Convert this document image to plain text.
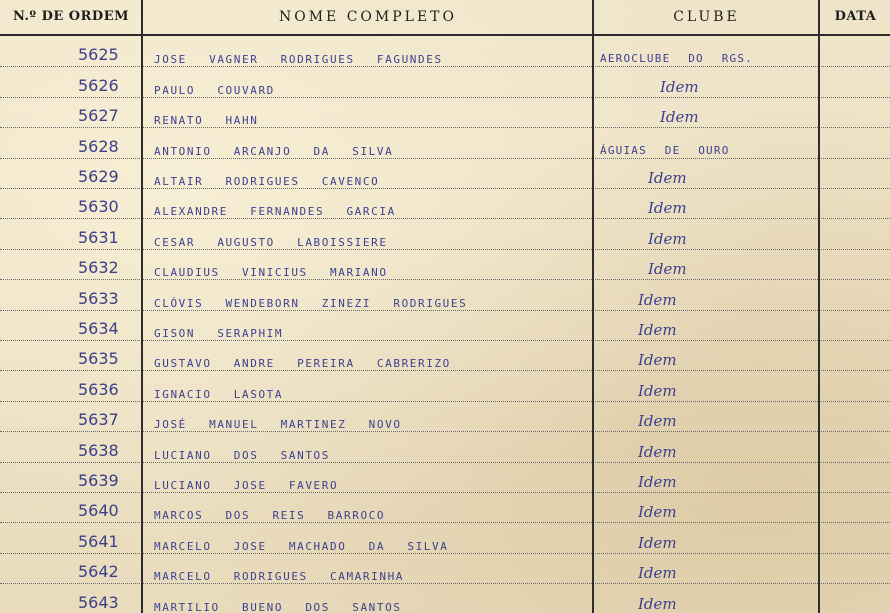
N.º DE ORDEM	NOME COMPLETO	CLUBE	DATA
5625	JOSE VAGNER RODRIGUES FAGUNDES	AEROCLUBE DO RGS.
5626	PAULO COUVARD	Idem
5627	RENATO HAHN	Idem
5628	ANTONIO ARCANJO DA SILVA	ÁGUIAS DE OURO
5629	ALTAIR RODRIGUES CAVENCO	Idem
5630	ALEXANDRE FERNANDES GARCIA	Idem
5631	CESAR AUGUSTO LABOISSIERE	Idem
5632	CLAUDIUS VINICIUS MARIANO	Idem
5633	CLÓVIS WENDEBORN ZINEZI RODRIGUES	Idem
5634	GISON SERAPHIM	Idem
5635	GUSTAVO ANDRE PEREIRA CABRERIZO	Idem
5636	IGNACIO LASOTA	Idem
5637	JOSÉ MANUEL MARTINEZ NOVO	Idem
5638	LUCIANO DOS SANTOS	Idem
5639	LUCIANO JOSE FAVERO	Idem
5640	MARCOS DOS REIS BARROCO	Idem
5641	MARCELO JOSE MACHADO DA SILVA	Idem
5642	MARCELO RODRIGUES CAMARINHA	Idem
5643	MARTILIO BUENO DOS SANTOS	Idem
